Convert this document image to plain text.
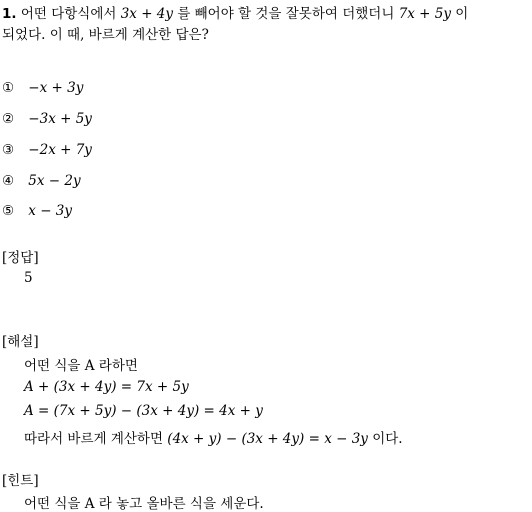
1. 어떤 다항식에서 3x + 4y 를 빼어야 할 것을 잘못하여 더했더니 7x + 5y 이
되었다. 이 때, 바르게 계산한 답은?
① −x + 3y
② −3x + 5y
③ −2x + 7y
④ 5x − 2y
⑤ x − 3y
[정답]
5
[해설]
어떤 식을 A 라하면
A + (3x + 4y) = 7x + 5y
A = (7x + 5y) − (3x + 4y) = 4x + y
따라서 바르게 계산하면 (4x + y) − (3x + 4y) = x − 3y 이다.
[힌트]
어떤 식을 A 라 놓고 올바른 식을 세운다.
